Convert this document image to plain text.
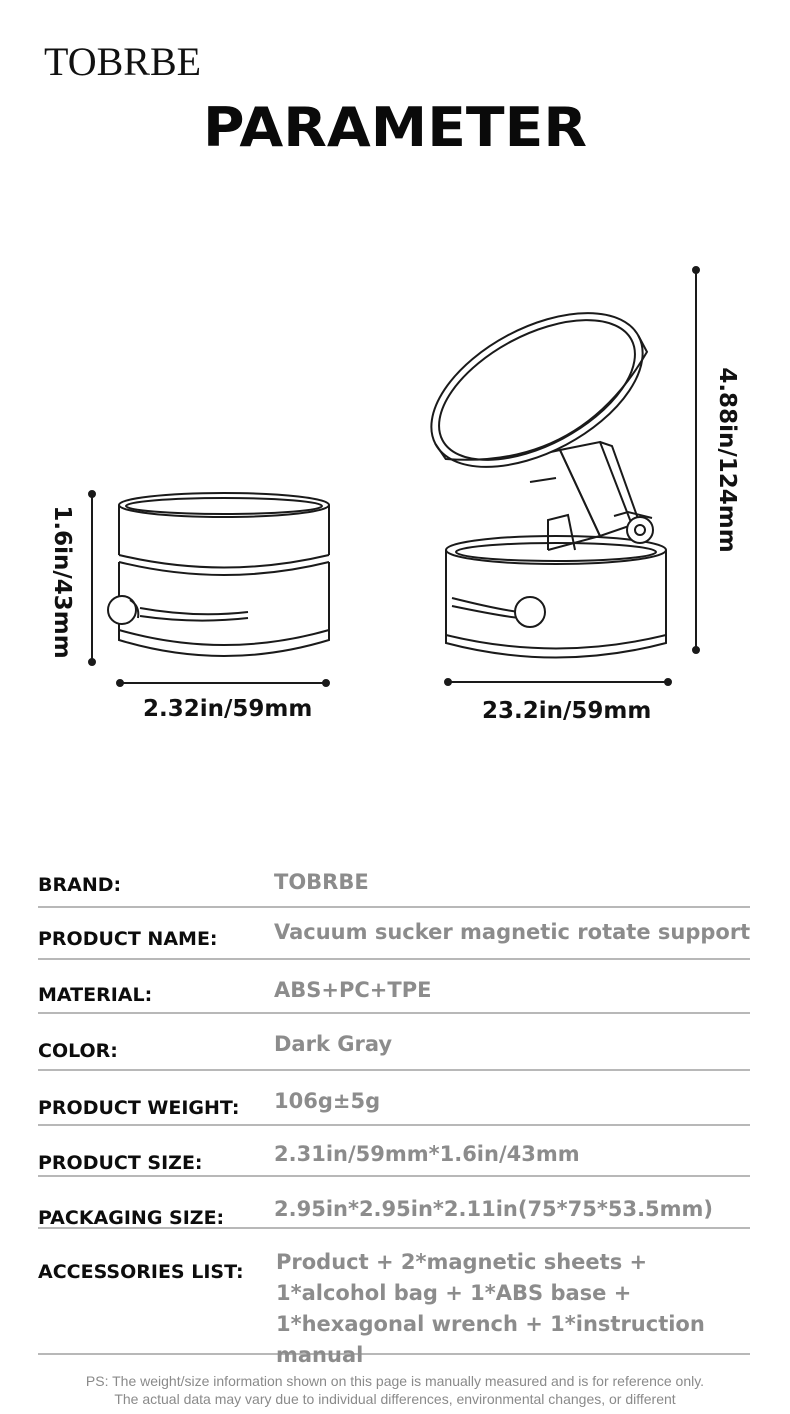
TOBRBE
PARAMETER
2.32in/59mm	23.2in/59mm
1.6in/43mm
4.88in/124mm
BRAND:	TOBRBE
PRODUCT NAME:	Vacuum sucker magnetic rotate support
MATERIAL:	ABS+PC+TPE
COLOR:	Dark Gray
PRODUCT WEIGHT: 106g±5g
PRODUCT SIZE:	2.31in/59mm*1.6in/43mm
PACKAGING SIZE: 2.95in*2.95in*2.11in(75*75*53.5mm)
ACCESSORIES LIST: Product + 2*magnetic sheets + 1*alcohol bag + 1*ABS base + 1*hexagonal wrench + 1*instruction manual
PS: The weight/size information shown on this page is manually measured and is for reference only.
The actual data may vary due to individual differences, environmental changes, or different
